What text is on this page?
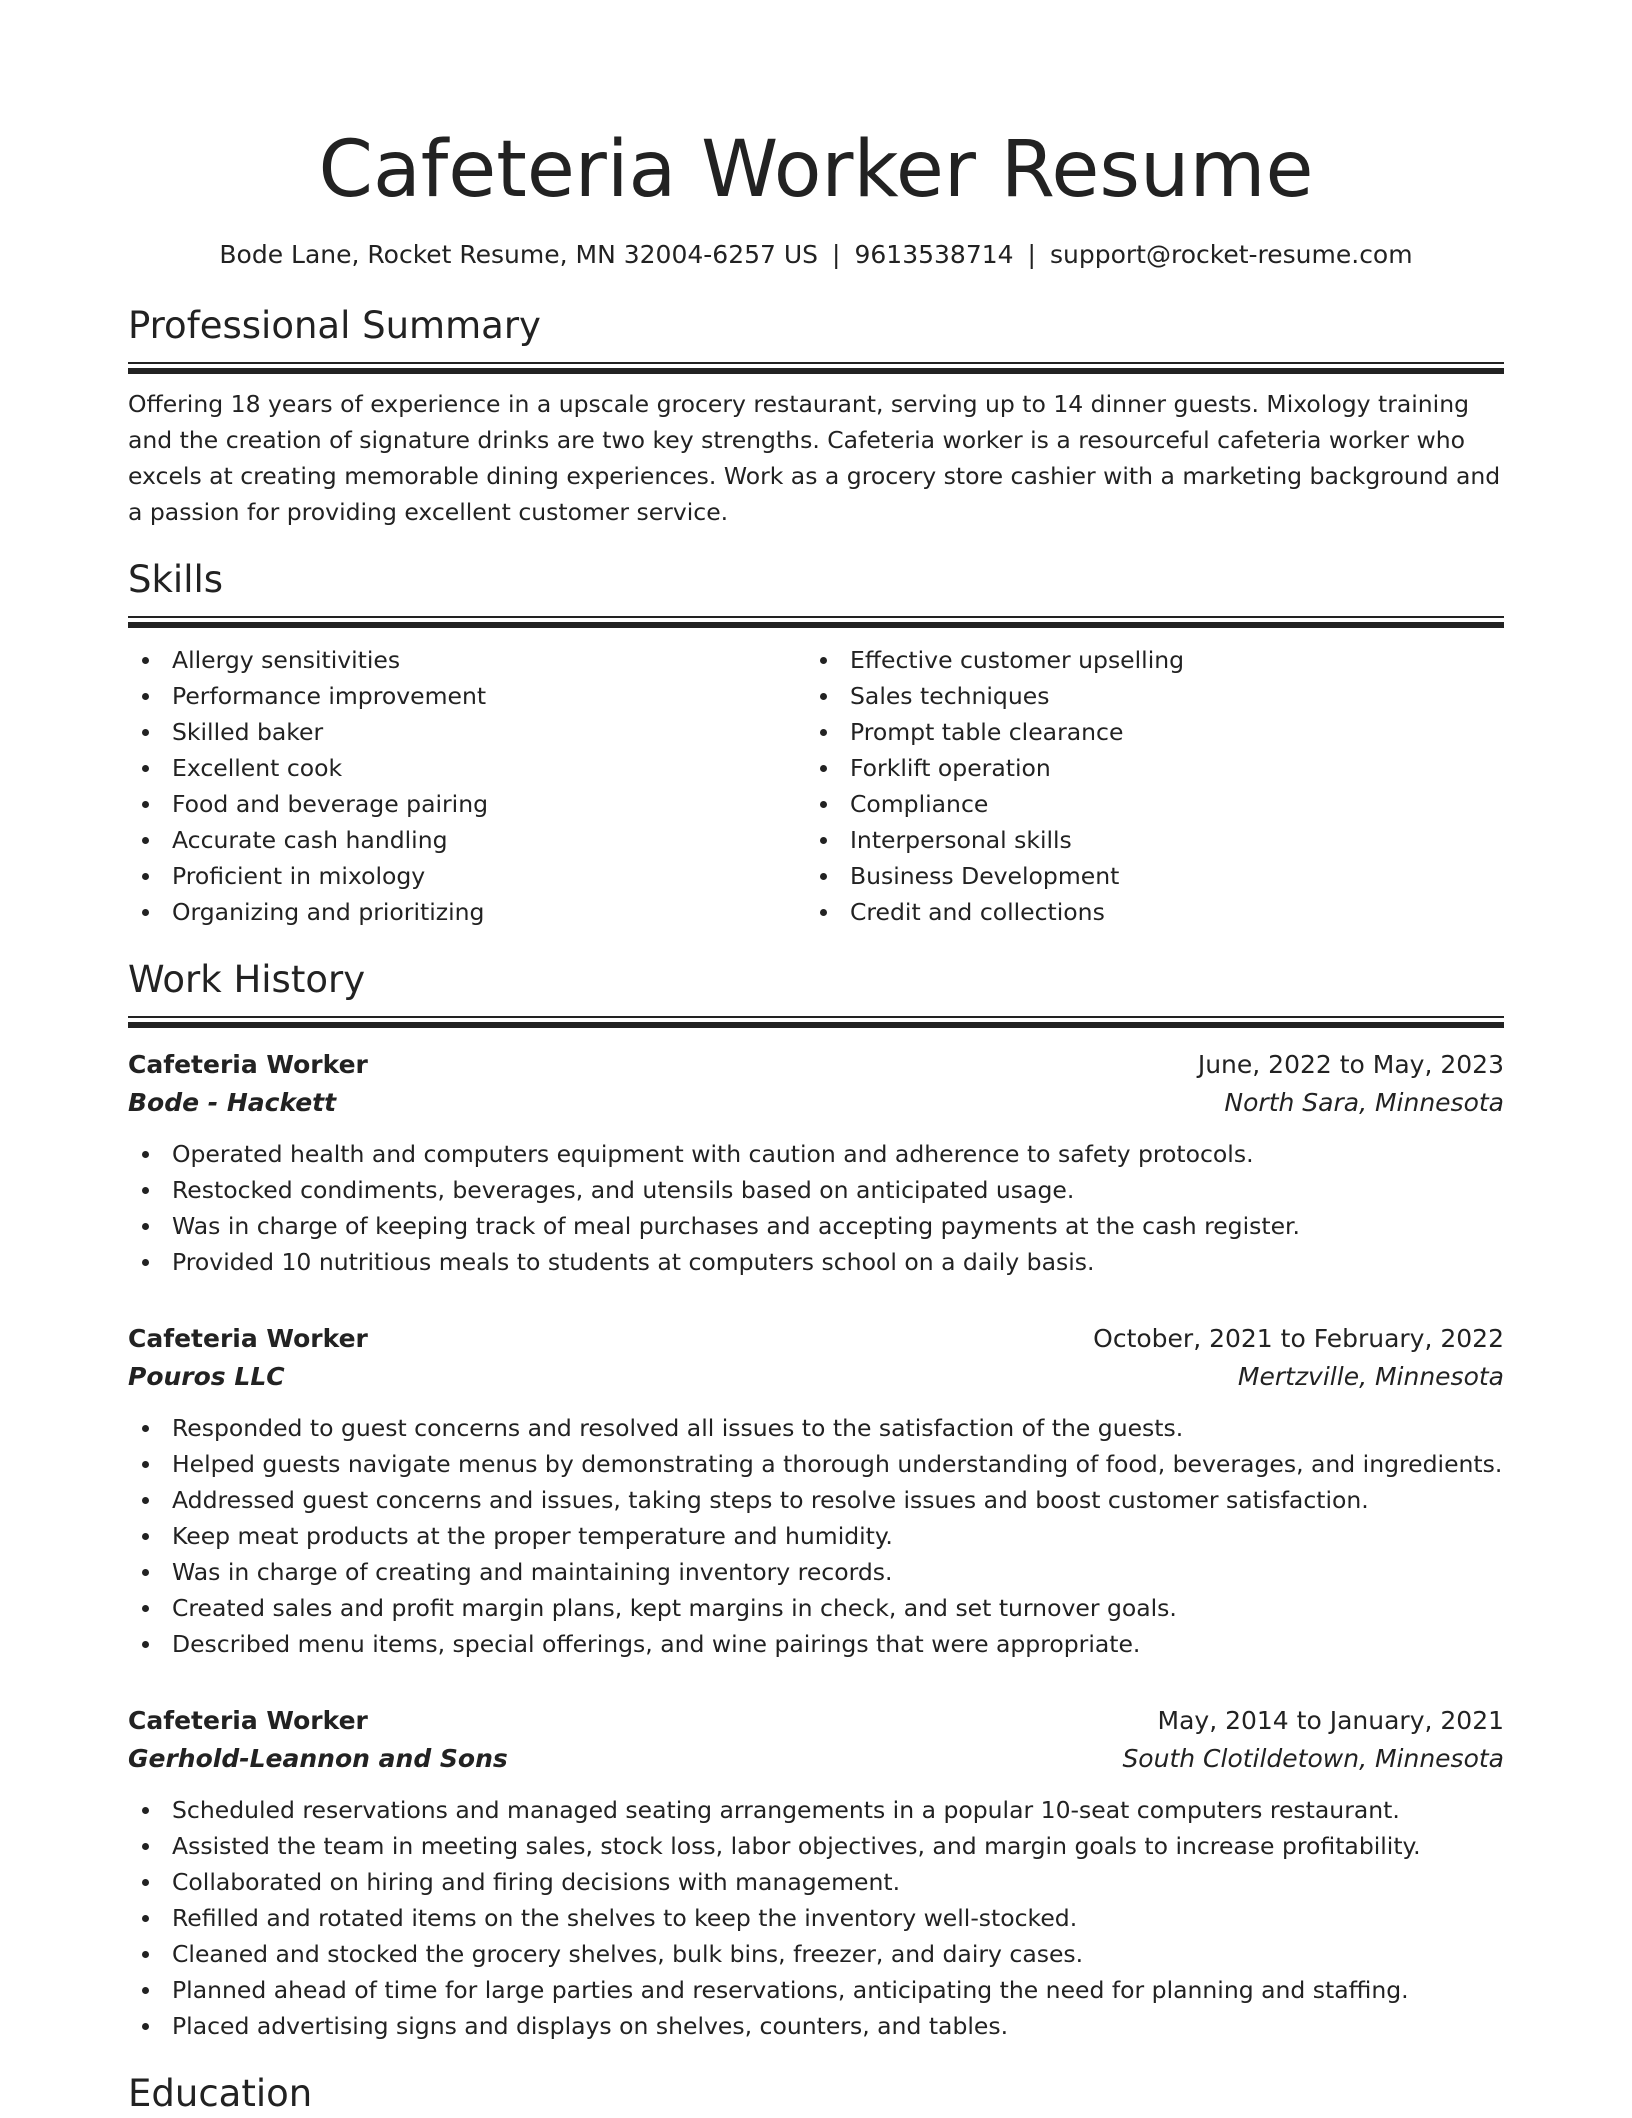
Cafeteria Worker Resume
Bode Lane, Rocket Resume, MN 32004-6257 US | 9613538714 | support@rocket-resume.com
Professional Summary

Offering 18 years of experience in a upscale grocery restaurant, serving up to 14 dinner guests. Mixology training and the creation of signature drinks are two key strengths. Cafeteria worker is a resourceful cafeteria worker who excels at creating memorable dining experiences. Work as a grocery store cashier with a marketing background and a passion for providing excellent customer service.

Skills
Allergy sensitivities
Performance improvement
Skilled baker
Excellent cook
Food and beverage pairing
Accurate cash handling
Proficient in mixology
Organizing and prioritizing
Effective customer upselling
Sales techniques
Prompt table clearance
Forklift operation
Compliance
Interpersonal skills
Business Development
Credit and collections
Work History
Cafeteria Worker	June, 2022 to May, 2023
Bode - Hackett	North Sara, Minnesota
Operated health and computers equipment with caution and adherence to safety protocols.
Restocked condiments, beverages, and utensils based on anticipated usage.
Was in charge of keeping track of meal purchases and accepting payments at the cash register.
Provided 10 nutritious meals to students at computers school on a daily basis.
Cafeteria Worker	October, 2021 to February, 2022
Pouros LLC	Mertzville, Minnesota
Responded to guest concerns and resolved all issues to the satisfaction of the guests.
Helped guests navigate menus by demonstrating a thorough understanding of food, beverages, and ingredients.
Addressed guest concerns and issues, taking steps to resolve issues and boost customer satisfaction.
Keep meat products at the proper temperature and humidity.
Was in charge of creating and maintaining inventory records.
Created sales and profit margin plans, kept margins in check, and set turnover goals.
Described menu items, special offerings, and wine pairings that were appropriate.
Cafeteria Worker	May, 2014 to January, 2021
Gerhold-Leannon and Sons	South Clotildetown, Minnesota
Scheduled reservations and managed seating arrangements in a popular 10-seat computers restaurant.
Assisted the team in meeting sales, stock loss, labor objectives, and margin goals to increase profitability.
Collaborated on hiring and firing decisions with management.
Refilled and rotated items on the shelves to keep the inventory well-stocked.
Cleaned and stocked the grocery shelves, bulk bins, freezer, and dairy cases.
Planned ahead of time for large parties and reservations, anticipating the need for planning and staffing.
Placed advertising signs and displays on shelves, counters, and tables.
Education
